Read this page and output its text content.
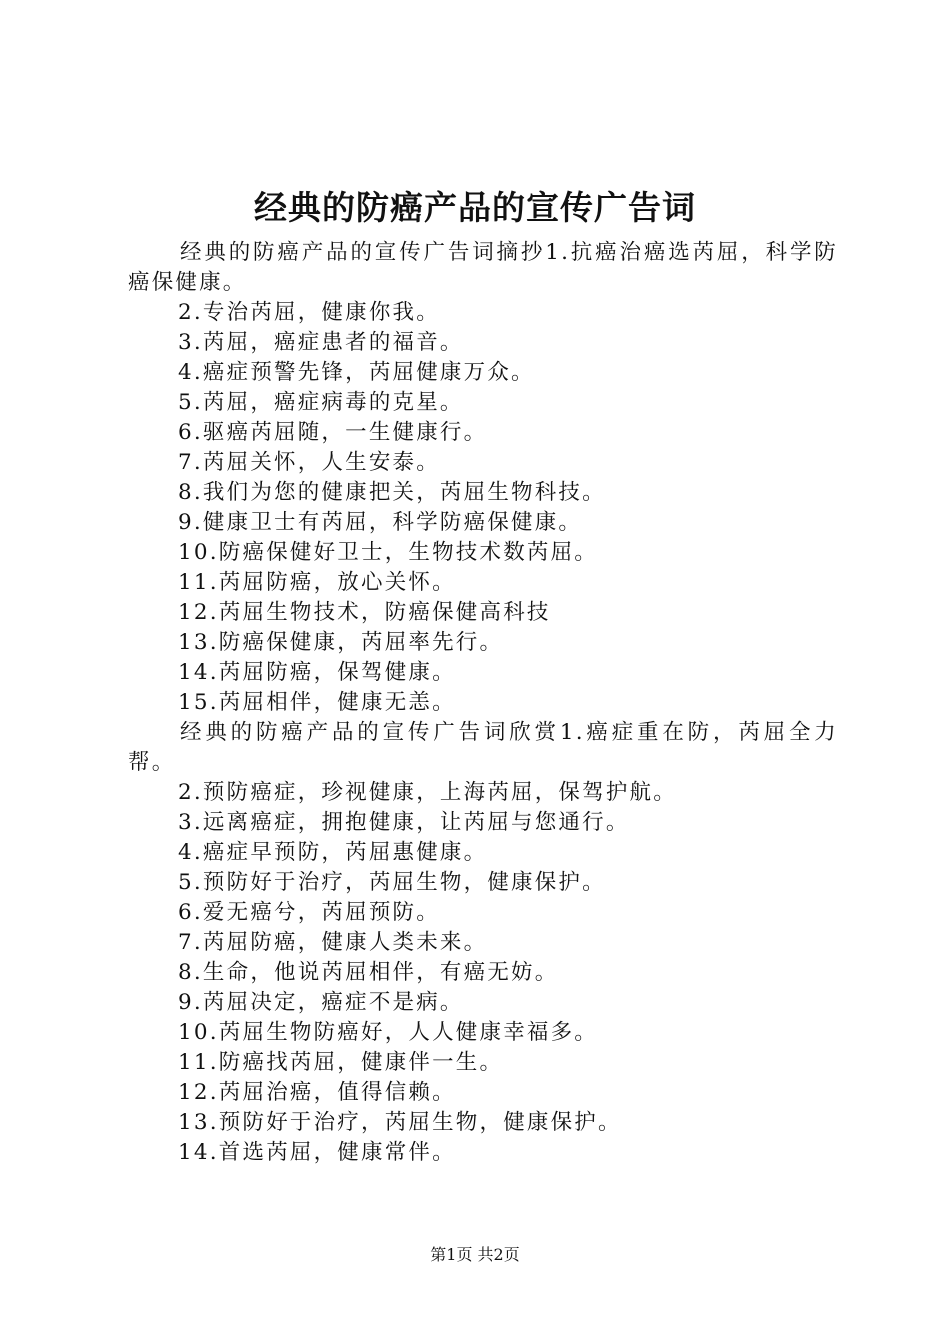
经典的防癌产品的宣传广告词

经典的防癌产品的宣传广告词摘抄1.抗癌治癌选芮屈，科学防癌保健康。

2.专治芮屈，健康你我。

3.芮屈，癌症患者的福音。

4.癌症预警先锋，芮屈健康万众。

5.芮屈，癌症病毒的克星。

6.驱癌芮屈随，一生健康行。

7.芮屈关怀，人生安泰。

8.我们为您的健康把关，芮屈生物科技。

9.健康卫士有芮屈，科学防癌保健康。

10.防癌保健好卫士，生物技术数芮屈。

11.芮屈防癌，放心关怀。

12.芮屈生物技术，防癌保健高科技

13.防癌保健康，芮屈率先行。

14.芮屈防癌，保驾健康。

15.芮屈相伴，健康无恙。

经典的防癌产品的宣传广告词欣赏1.癌症重在防，芮屈全力帮。

2.预防癌症，珍视健康，上海芮屈，保驾护航。

3.远离癌症，拥抱健康，让芮屈与您通行。

4.癌症早预防，芮屈惠健康。

5.预防好于治疗，芮屈生物，健康保护。

6.爱无癌兮，芮屈预防。

7.芮屈防癌，健康人类未来。

8.生命，他说芮屈相伴，有癌无妨。

9.芮屈决定，癌症不是病。

10.芮屈生物防癌好，人人健康幸福多。

11.防癌找芮屈，健康伴一生。

12.芮屈治癌，值得信赖。

13.预防好于治疗，芮屈生物，健康保护。

14.首选芮屈，健康常伴。

第1页 共2页
